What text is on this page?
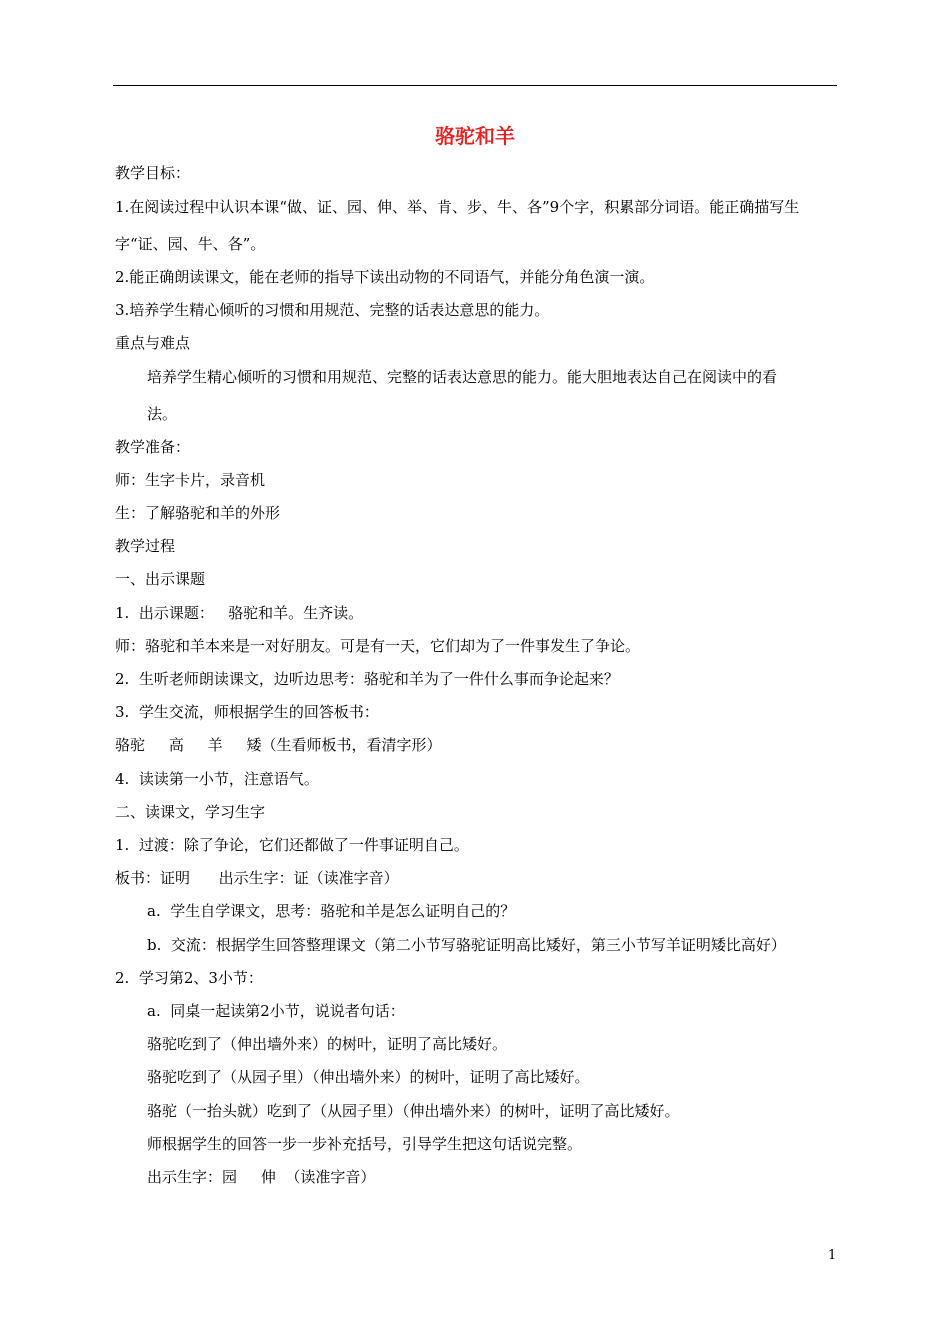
骆驼和羊
教学目标：
1.在阅读过程中认识本课“做、证、园、伸、举、肯、步、牛、各”9个字，积累部分词语。能正确描写生
字“证、园、牛、各”。
2.能正确朗读课文，能在老师的指导下读出动物的不同语气，并能分角色演一演。
3.培养学生精心倾听的习惯和用规范、完整的话表达意思的能力。
重点与难点
培养学生精心倾听的习惯和用规范、完整的话表达意思的能力。能大胆地表达自己在阅读中的看
法。
教学准备：
师：生字卡片，录音机
生：了解骆驼和羊的外形
教学过程
一、出示课题
1.  出示课题：   骆驼和羊。生齐读。
师：骆驼和羊本来是一对好朋友。可是有一天，它们却为了一件事发生了争论。
2.  生听老师朗读课文，边听边思考：骆驼和羊为了一件什么事而争论起来？
3.  学生交流，师根据学生的回答板书：
骆驼     高     羊     矮（生看师板书，看清字形）
4.  读读第一小节，注意语气。
二、读课文，学习生字
1.  过渡：除了争论，它们还都做了一件事证明自己。
板书：证明      出示生字：证（读准字音）
a.  学生自学课文，思考：骆驼和羊是怎么证明自己的？
b.  交流：根据学生回答整理课文（第二小节写骆驼证明高比矮好，第三小节写羊证明矮比高好）
2.  学习第2、3小节：
a.  同桌一起读第2小节，说说者句话：
骆驼吃到了（伸出墙外来）的树叶，证明了高比矮好。
骆驼吃到了（从园子里）（伸出墙外来）的树叶，证明了高比矮好。
骆驼（一抬头就）吃到了（从园子里）（伸出墙外来）的树叶，证明了高比矮好。
师根据学生的回答一步一步补充括号，引导学生把这句话说完整。
出示生字：园     伸  （读准字音）
1
